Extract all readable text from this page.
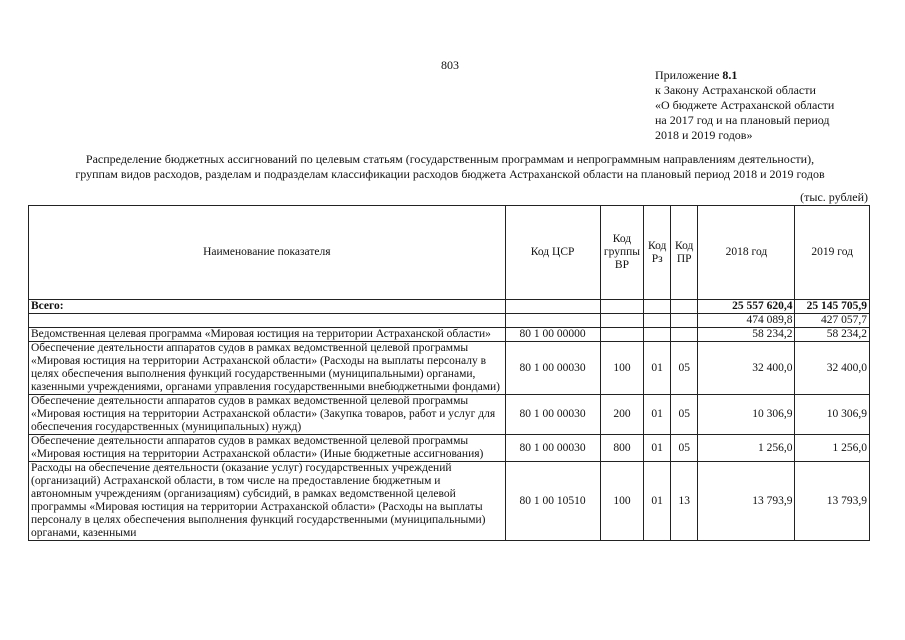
803
Приложение 8.1
к Закону Астраханской области
«О бюджете Астраханской области
на 2017 год и на плановый период
2018 и 2019 годов»
Распределение бюджетных ассигнований по целевым статьям (государственным программам и непрограммным направлениям деятельности),
группам видов расходов, разделам и подразделам классификации расходов бюджета Астраханской области на плановый период 2018 и 2019 годов
(тыс. рублей)
Наименование показателя	Код ЦСР	Код группы ВР	Код Рз	Код ПР	2018 год	2019 год
Всего:					25 557 620,4	25 145 705,9
					474 089,8	427 057,7
Ведомственная целевая программа «Мировая юстиция на территории Астраханской области»	80 1 00 00000				58 234,2	58 234,2
Обеспечение деятельности аппаратов судов в рамках ведомственной целевой программы «Мировая юстиция на территории Астраханской области» (Расходы на выплаты персоналу в целях обеспечения выполнения функций государственными (муниципальными) органами, казенными учреждениями, органами управления государственными внебюджетными фондами)	80 1 00 00030	100	01	05	32 400,0	32 400,0
Обеспечение деятельности аппаратов судов в рамках ведомственной целевой программы «Мировая юстиция на территории Астраханской области» (Закупка товаров, работ и услуг для обеспечения государственных (муниципальных) нужд)	80 1 00 00030	200	01	05	10 306,9	10 306,9
Обеспечение деятельности аппаратов судов в рамках ведомственной целевой программы «Мировая юстиция на территории Астраханской области» (Иные бюджетные ассигнования)	80 1 00 00030	800	01	05	1 256,0	1 256,0
Расходы на обеспечение деятельности (оказание услуг) государственных учреждений (организаций) Астраханской области, в том числе на предоставление бюджетным и автономным учреждениям (организациям) субсидий, в рамках ведомственной целевой программы «Мировая юстиция на территории Астраханской области» (Расходы на выплаты персоналу в целях обеспечения выполнения функций государственными (муниципальными) органами, казенными	80 1 00 10510	100	01	13	13 793,9	13 793,9
